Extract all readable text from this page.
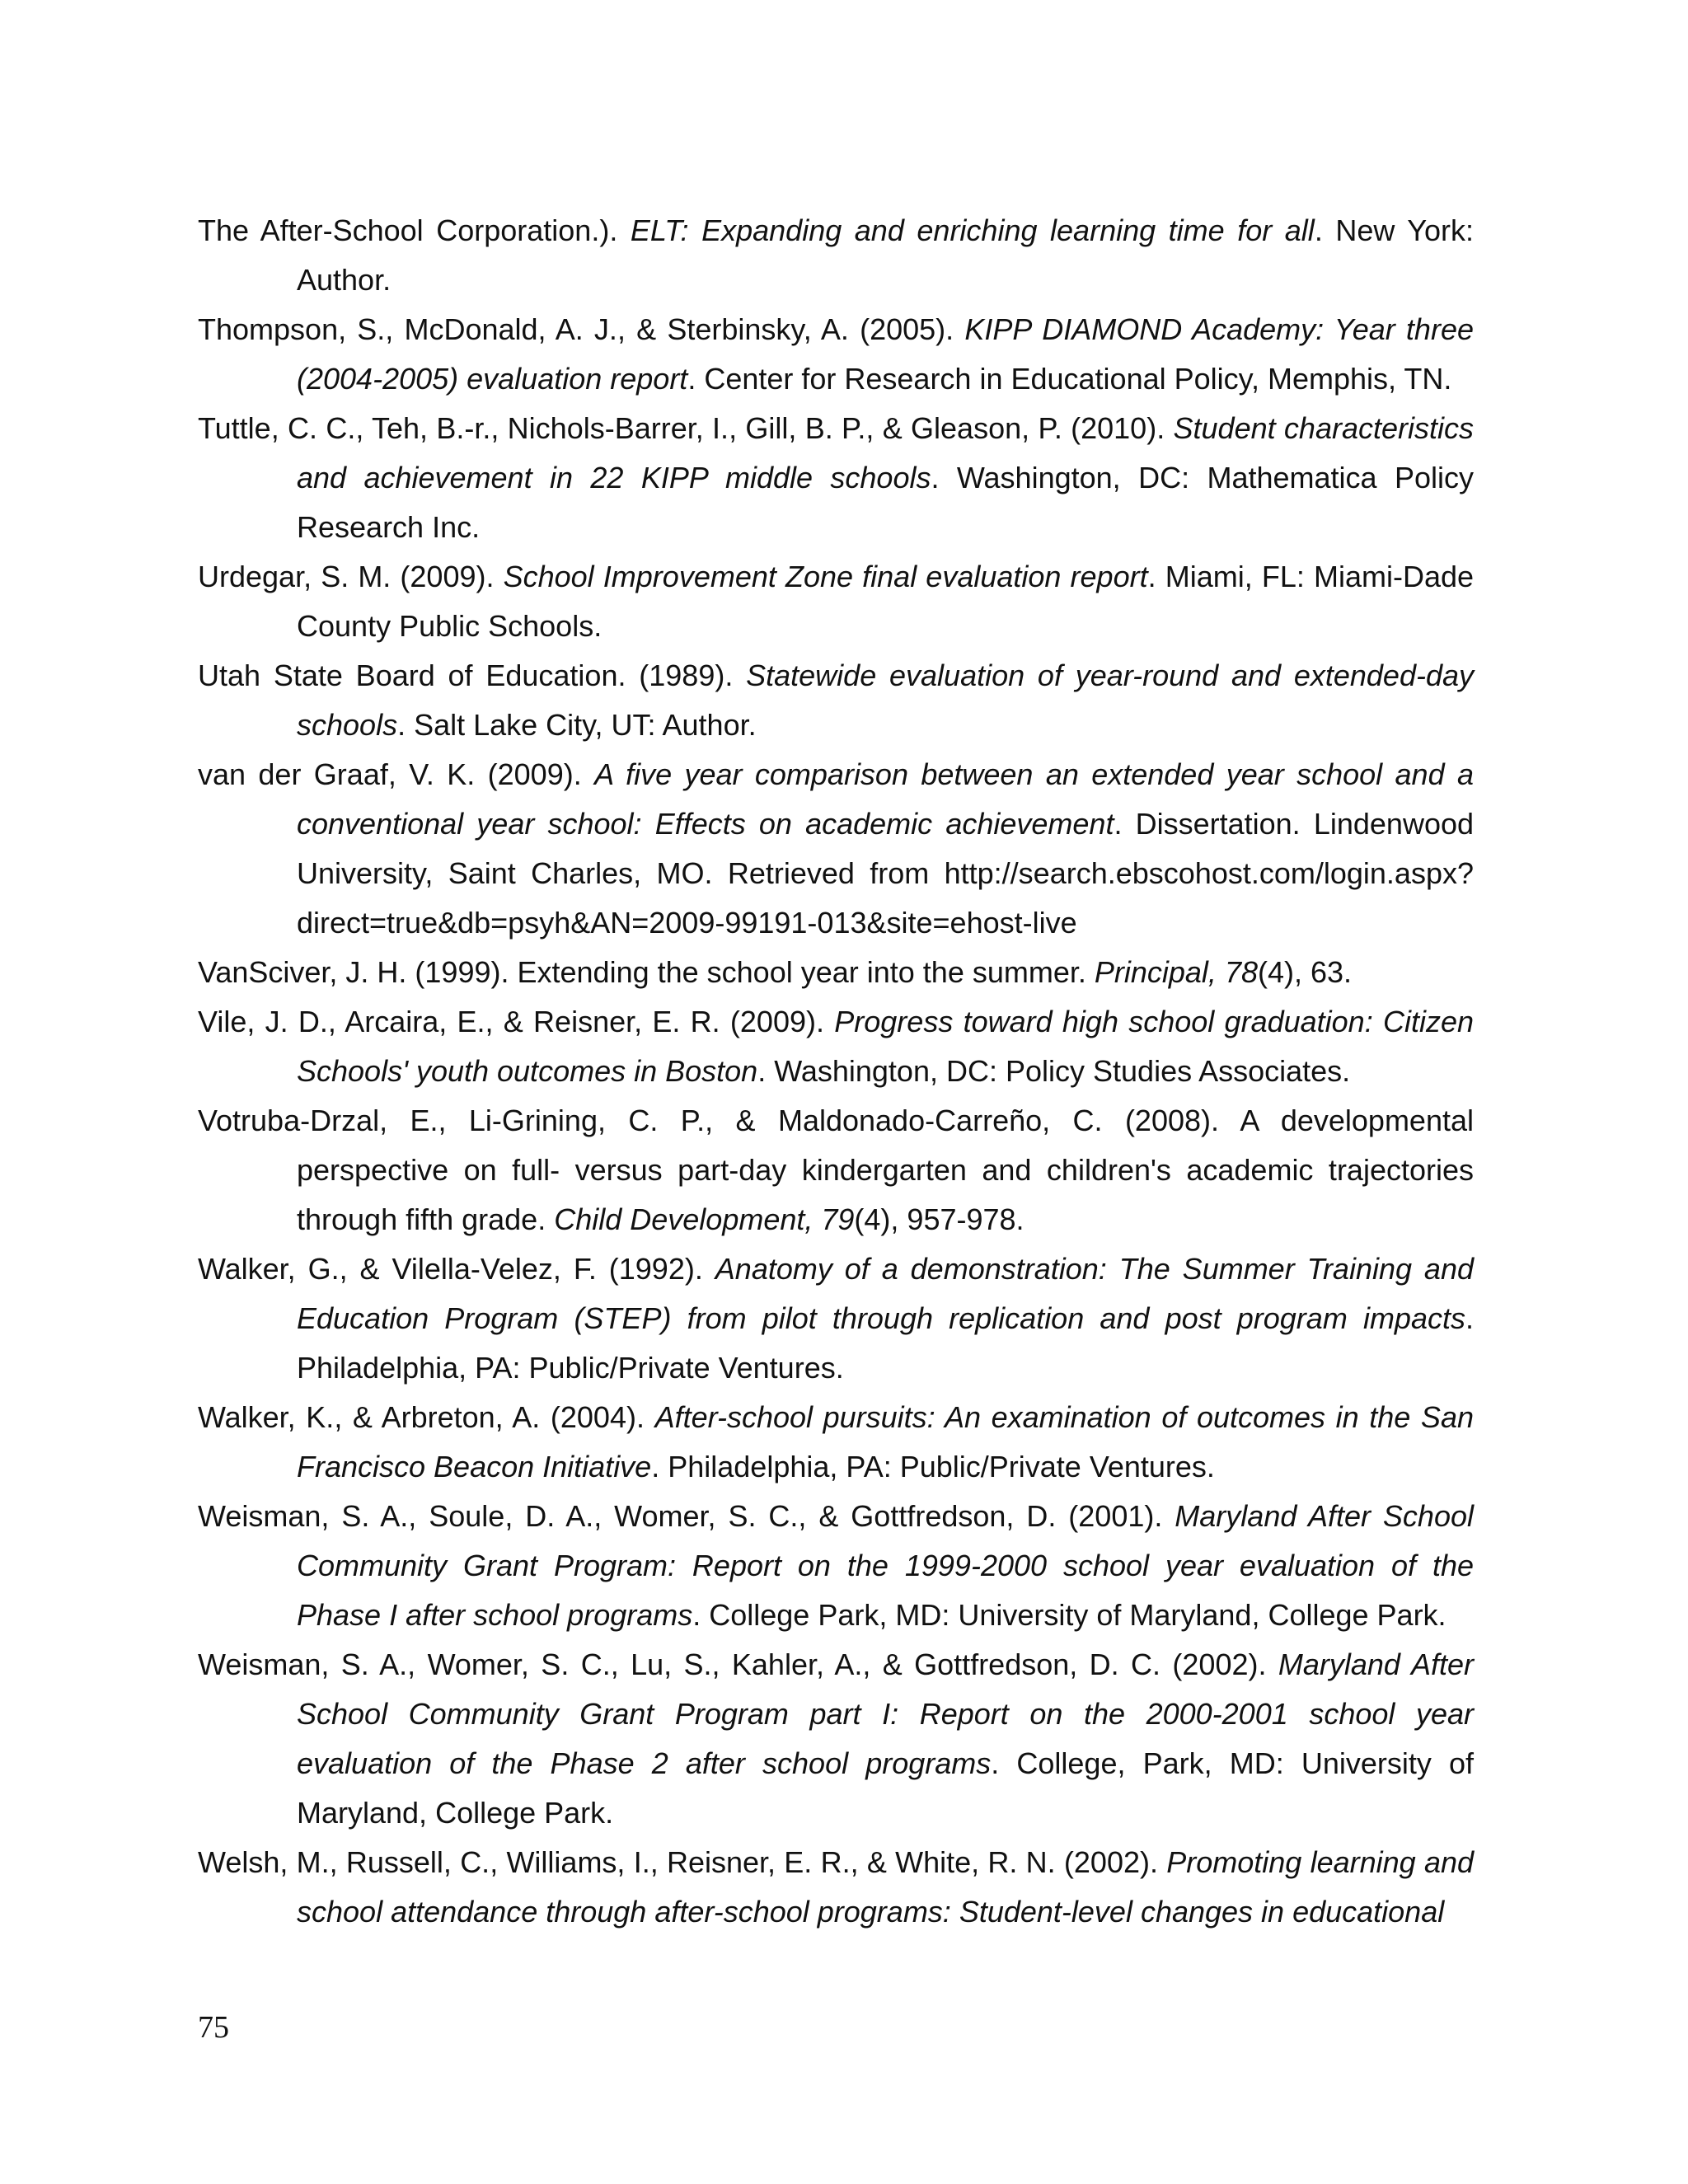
The After-School Corporation.). ELT: Expanding and enriching learning time for all. New York: Author.

Thompson, S., McDonald, A. J., & Sterbinsky, A. (2005). KIPP DIAMOND Academy: Year three (2004-2005) evaluation report. Center for Research in Educational Policy, Memphis, TN.

Tuttle, C. C., Teh, B.-r., Nichols-Barrer, I., Gill, B. P., & Gleason, P. (2010). Student characteristics and achievement in 22 KIPP middle schools. Washington, DC: Mathematica Policy Research Inc.

Urdegar, S. M. (2009). School Improvement Zone final evaluation report. Miami, FL: Miami-Dade County Public Schools.

Utah State Board of Education. (1989). Statewide evaluation of year-round and extended-day schools. Salt Lake City, UT: Author.

van der Graaf, V. K. (2009). A five year comparison between an extended year school and a conventional year school: Effects on academic achievement. Dissertation. Lindenwood University, Saint Charles, MO. Retrieved from http://search.ebscohost.com/login.aspx?direct=true&db=psyh&AN=2009-99191-013&site=ehost-live

VanSciver, J. H. (1999). Extending the school year into the summer. Principal, 78(4), 63.

Vile, J. D., Arcaira, E., & Reisner, E. R. (2009). Progress toward high school graduation: Citizen Schools' youth outcomes in Boston. Washington, DC: Policy Studies Associates.

Votruba-Drzal, E., Li-Grining, C. P., & Maldonado-Carreño, C. (2008). A developmental perspective on full- versus part-day kindergarten and children's academic trajectories through fifth grade. Child Development, 79(4), 957-978.

Walker, G., & Vilella-Velez, F. (1992). Anatomy of a demonstration: The Summer Training and Education Program (STEP) from pilot through replication and post program impacts. Philadelphia, PA: Public/Private Ventures.

Walker, K., & Arbreton, A. (2004). After-school pursuits: An examination of outcomes in the San Francisco Beacon Initiative. Philadelphia, PA: Public/Private Ventures.

Weisman, S. A., Soule, D. A., Womer, S. C., & Gottfredson, D. (2001). Maryland After School Community Grant Program: Report on the 1999-2000 school year evaluation of the Phase I after school programs. College Park, MD: University of Maryland, College Park.

Weisman, S. A., Womer, S. C., Lu, S., Kahler, A., & Gottfredson, D. C. (2002). Maryland After School Community Grant Program part I: Report on the 2000-2001 school year evaluation of the Phase 2 after school programs. College, Park, MD: University of Maryland, College Park.

Welsh, M., Russell, C., Williams, I., Reisner, E. R., & White, R. N. (2002). Promoting learning and school attendance through after-school programs: Student-level changes in educational

75
